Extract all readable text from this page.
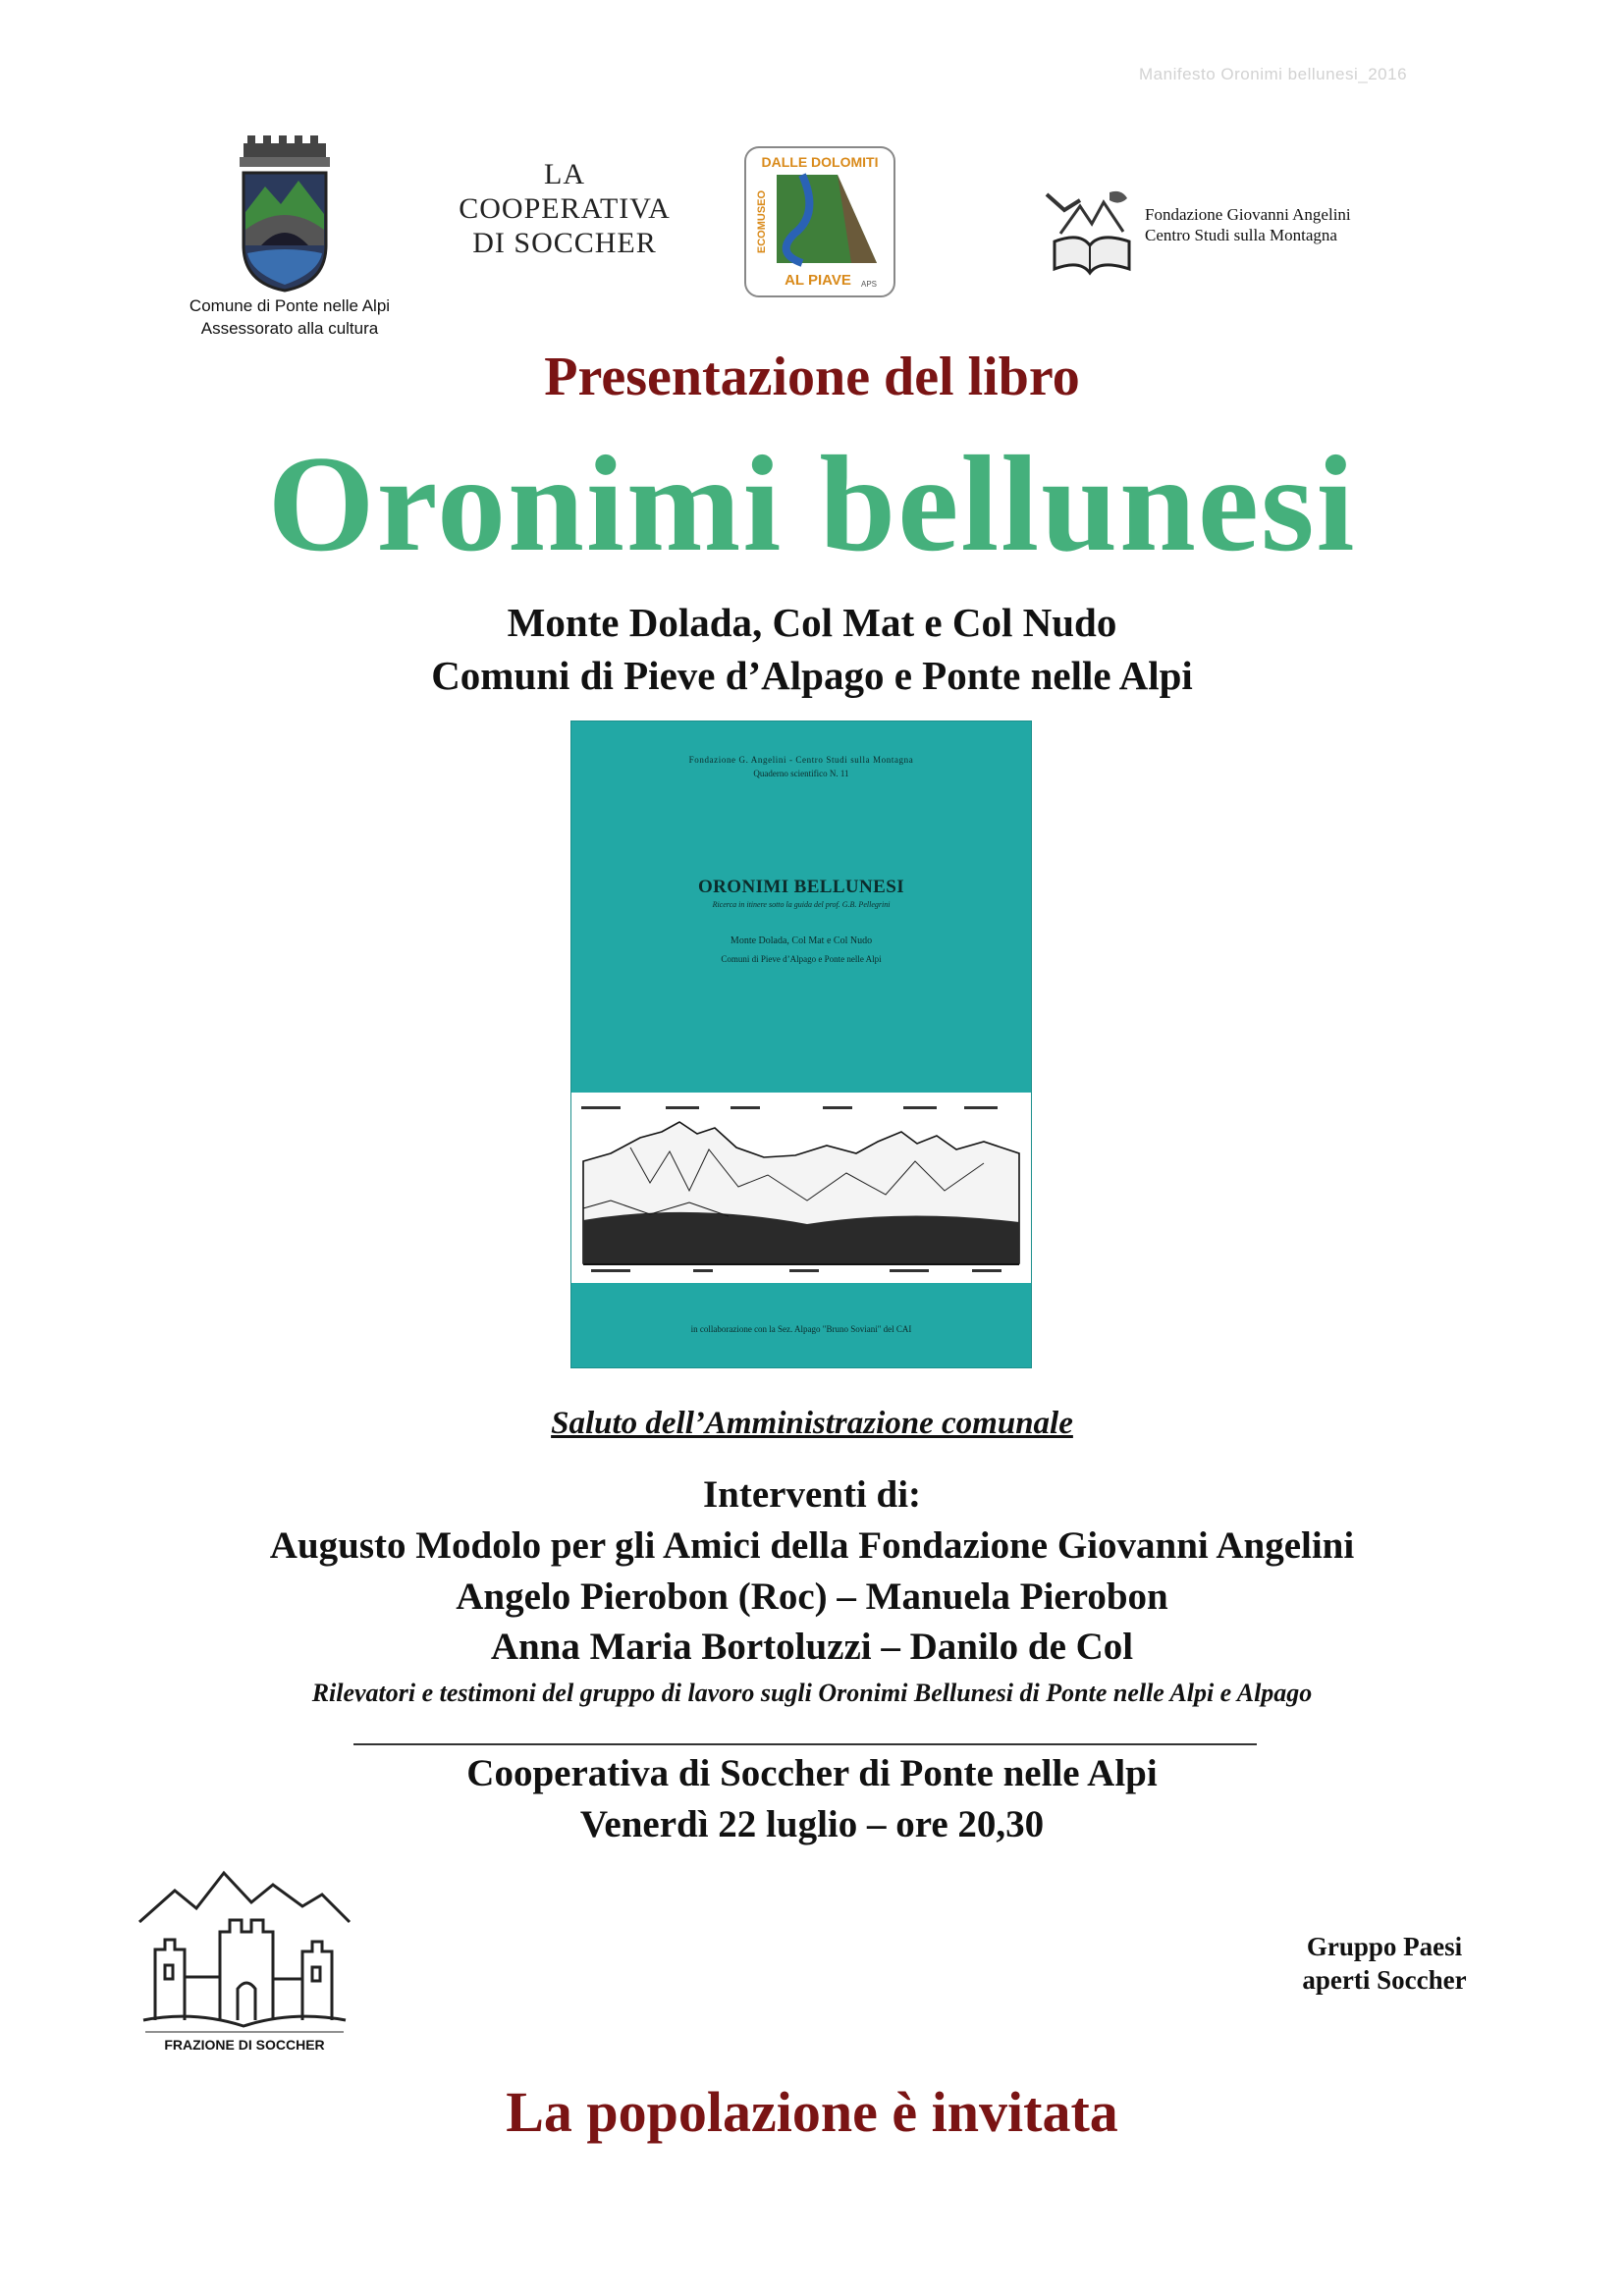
Manifesto Oronimi bellunesi_2016
Comune di Ponte nelle Alpi
Assessorato alla cultura
LA
COOPERATIVA
DI SOCCHER
DALLE DOLOMITI
ECOMUSEO
AL PIAVE APS
Fondazione Giovanni Angelini
Centro Studi sulla Montagna
Presentazione del libro
Oronimi bellunesi
Monte Dolada, Col Mat e Col Nudo
Comuni di Pieve d’Alpago e Ponte nelle Alpi
Fondazione G. Angelini - Centro Studi sulla Montagna
Quaderno scientifico N. 11
ORONIMI BELLUNESI
Ricerca in itinere sotto la guida del prof. G.B. Pellegrini
Monte Dolada, Col Mat e Col Nudo
Comuni di Pieve d’Alpago e Ponte nelle Alpi
in collaborazione con la Sez. Alpago "Bruno Soviani" del CAI
Saluto dell’Amministrazione comunale
Interventi di:
Augusto Modolo per gli Amici della Fondazione Giovanni Angelini
Angelo Pierobon (Roc) – Manuela Pierobon
Anna Maria Bortoluzzi – Danilo de Col
Rilevatori e testimoni del gruppo di lavoro sugli Oronimi Bellunesi di Ponte nelle Alpi e Alpago
Cooperativa di Soccher di Ponte nelle Alpi
Venerdì 22 luglio – ore 20,30
FRAZIONE DI SOCCHER
Gruppo Paesi
aperti Soccher
La popolazione è invitata
